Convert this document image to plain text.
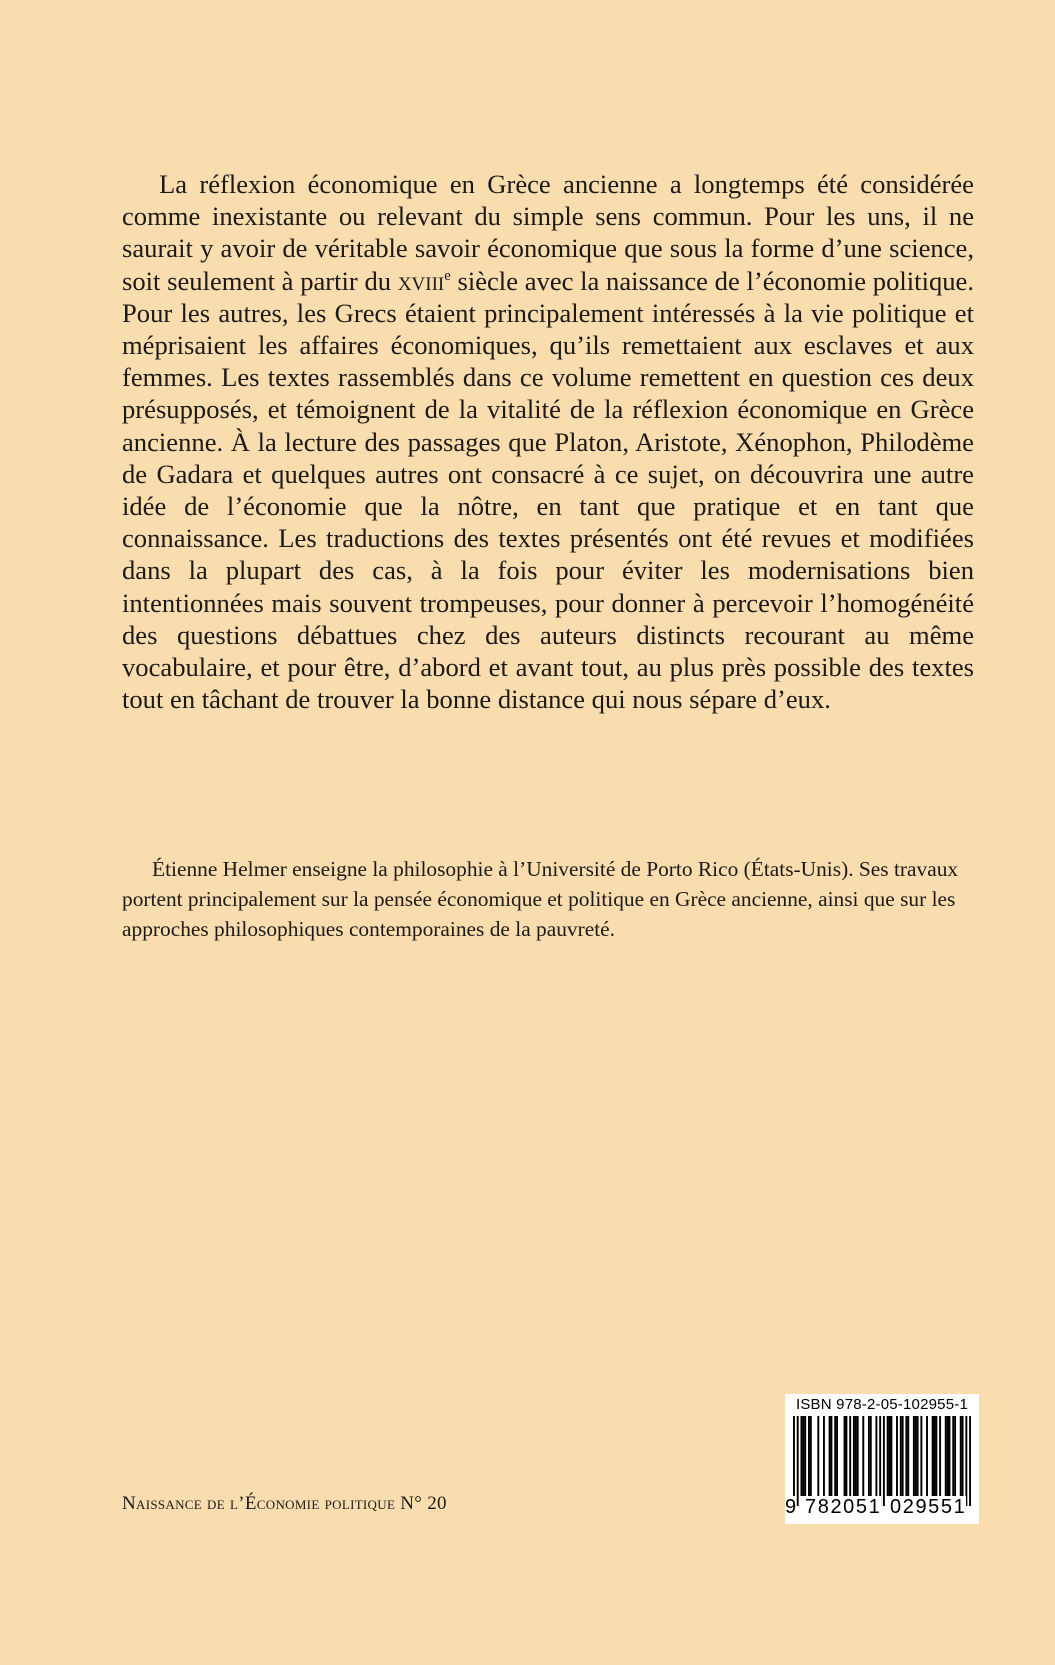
La réflexion économique en Grèce ancienne a longtemps été considérée comme inexistante ou relevant du simple sens commun. Pour les uns, il ne saurait y avoir de véritable savoir économique que sous la forme d’une science, soit seulement à partir du xviii$^e$ siècle avec la naissance de l’économie politique. Pour les autres, les Grecs étaient principalement intéressés à la vie politique et méprisaient les affaires économiques, qu’ils remettaient aux esclaves et aux femmes. Les textes rassemblés dans ce volume remettent en question ces deux présupposés, et témoignent de la vitalité de la réflexion économique en Grèce ancienne. À la lecture des passages que Platon, Aristote, Xénophon, Philodème de Gadara et quelques autres ont consacré à ce sujet, on découvrira une autre idée de l’économie que la nôtre, en tant que pratique et en tant que connaissance. Les traductions des textes présentés ont été revues et modifiées dans la plupart des cas, à la fois pour éviter les modernisations bien intentionnées mais souvent trompeuses, pour donner à percevoir l’homogénéité des questions débattues chez des auteurs distincts recourant au même vocabulaire, et pour être, d’abord et avant tout, au plus près possible des textes tout en tâchant de trouver la bonne distance qui nous sépare d’eux.

Étienne Helmer enseigne la philosophie à l’Université de Porto Rico (États-Unis). Ses travaux portent principalement sur la pensée économique et politique en Grèce ancienne, ainsi que sur les approches philosophiques contemporaines de la pauvreté.

Naissance de l’Économie politique N° 20
ISBN 978-2-05-102955-1
9 782051 029551
